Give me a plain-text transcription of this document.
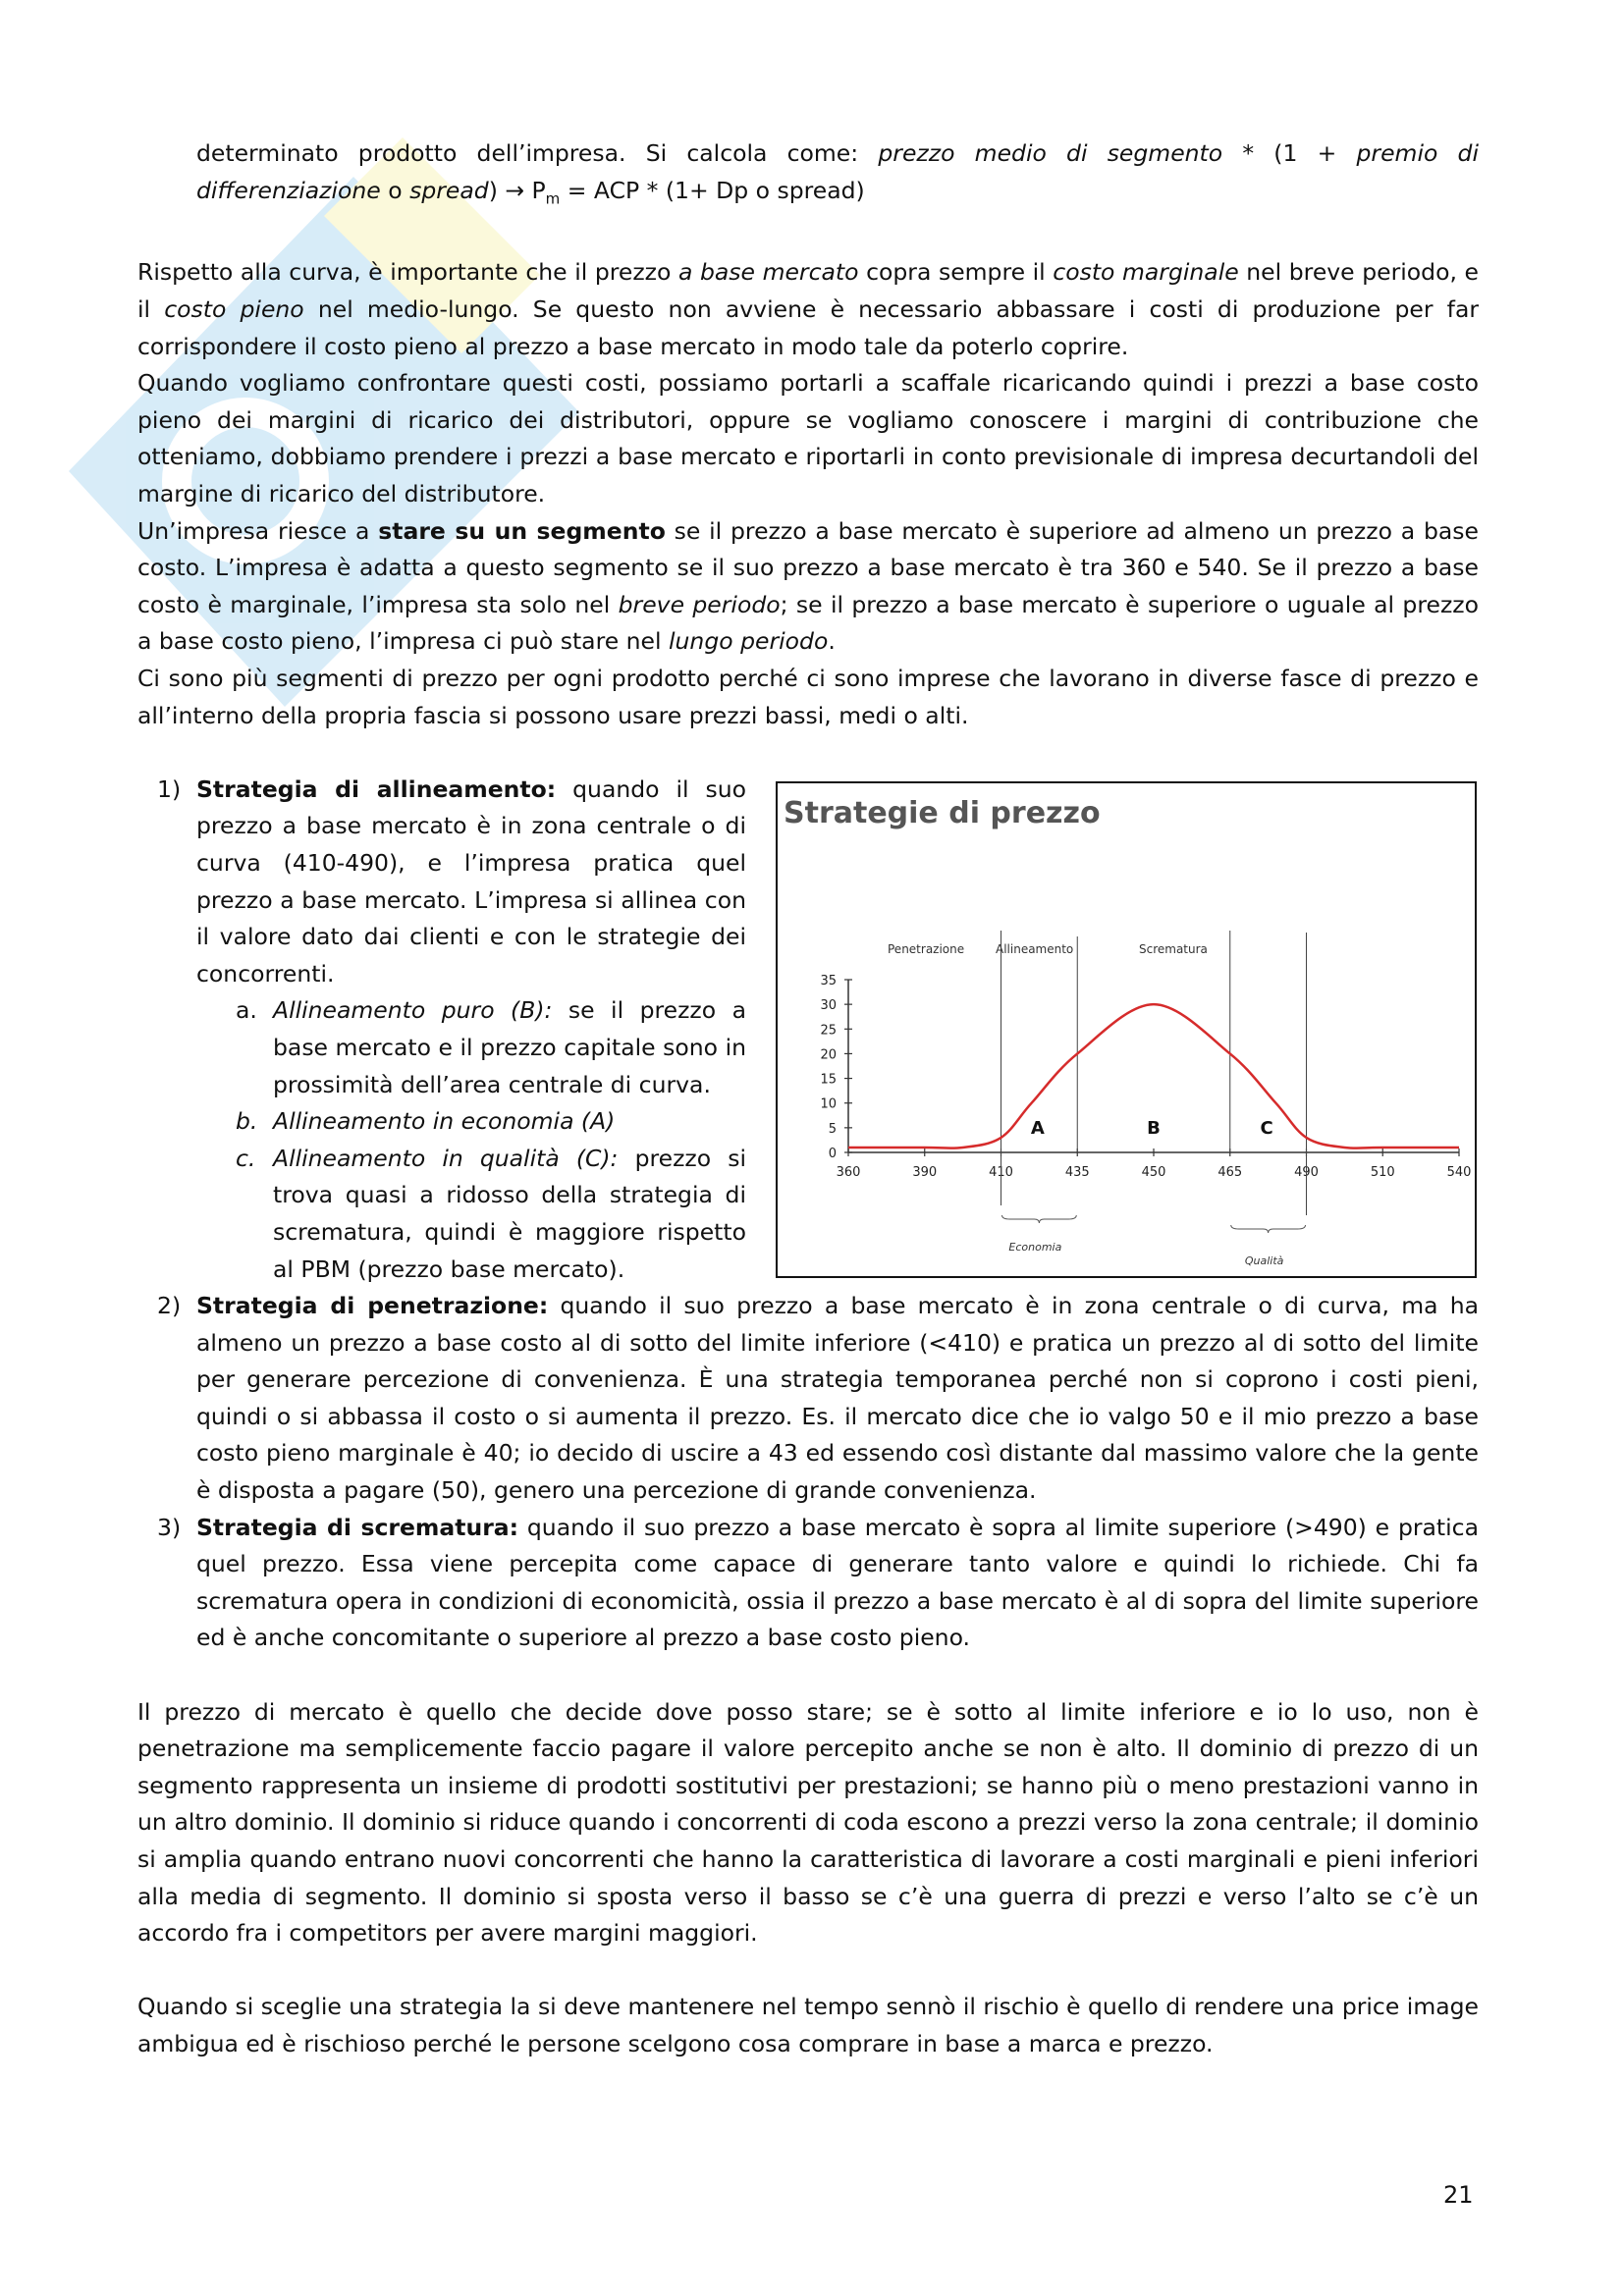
determinato prodotto dell’impresa. Si calcola come: prezzo medio di segmento * (1 + premio di differenziazione o spread) → $P_m$ = ACP * (1+ Dp o spread)

Rispetto alla curva, è importante che il prezzo a base mercato copra sempre il costo marginale nel breve periodo, e il costo pieno nel medio-lungo. Se questo non avviene è necessario abbassare i costi di produzione per far corrispondere il costo pieno al prezzo a base mercato in modo tale da poterlo coprire.

Quando vogliamo confrontare questi costi, possiamo portarli a scaffale ricaricando quindi i prezzi a base costo pieno dei margini di ricarico dei distributori, oppure se vogliamo conoscere i margini di contribuzione che otteniamo, dobbiamo prendere i prezzi a base mercato e riportarli in conto previsionale di impresa decurtandoli del margine di ricarico del distributore.

Un’impresa riesce a stare su un segmento se il prezzo a base mercato è superiore ad almeno un prezzo a base costo. L’impresa è adatta a questo segmento se il suo prezzo a base mercato è tra 360 e 540. Se il prezzo a base costo è marginale, l’impresa sta solo nel breve periodo; se il prezzo a base mercato è superiore o uguale al prezzo a base costo pieno, l’impresa ci può stare nel lungo periodo.

Ci sono più segmenti di prezzo per ogni prodotto perché ci sono imprese che lavorano in diverse fasce di prezzo e all’interno della propria fascia si possono usare prezzi bassi, medi o alti.

1) Strategia di allineamento: quando il suo prezzo a base mercato è in zona centrale o di curva (410-490), e l’impresa pratica quel prezzo a base mercato. L’impresa si allinea con il valore dato dai clienti e con le strategie dei concorrenti.
a. Allineamento puro (B): se il prezzo a base mercato e il prezzo capitale sono in prossimità dell’area centrale di curva.
b. Allineamento in economia (A)
c. Allineamento in qualità (C): prezzo si trova quasi a ridosso della strategia di scrematura, quindi è maggiore rispetto al PBM (prezzo base mercato).
2) Strategia di penetrazione: quando il suo prezzo a base mercato è in zona centrale o di curva, ma ha almeno un prezzo a base costo al di sotto del limite inferiore (<410) e pratica un prezzo al di sotto del limite per generare percezione di convenienza. È una strategia temporanea perché non si coprono i costi pieni, quindi o si abbassa il costo o si aumenta il prezzo. Es. il mercato dice che io valgo 50 e il mio prezzo a base costo pieno marginale è 40; io decido di uscire a 43 ed essendo così distante dal massimo valore che la gente è disposta a pagare (50), genero una percezione di grande convenienza.
3) Strategia di scrematura: quando il suo prezzo a base mercato è sopra al limite superiore (>490) e pratica quel prezzo. Essa viene percepita come capace di generare tanto valore e quindi lo richiede. Chi fa scrematura opera in condizioni di economicità, ossia il prezzo a base mercato è al di sopra del limite superiore ed è anche concomitante o superiore al prezzo a base costo pieno.

Il prezzo di mercato è quello che decide dove posso stare; se è sotto al limite inferiore e io lo uso, non è penetrazione ma semplicemente faccio pagare il valore percepito anche se non è alto. Il dominio di prezzo di un segmento rappresenta un insieme di prodotti sostitutivi per prestazioni; se hanno più o meno prestazioni vanno in un altro dominio. Il dominio si riduce quando i concorrenti di coda escono a prezzi verso la zona centrale; il dominio si amplia quando entrano nuovi concorrenti che hanno la caratteristica di lavorare a costi marginali e pieni inferiori alla media di segmento. Il dominio si sposta verso il basso se c’è una guerra di prezzi e verso l’alto se c’è un accordo fra i competitors per avere margini maggiori.

Quando si sceglie una strategia la si deve mantenere nel tempo sennò il rischio è quello di rendere una price image ambigua ed è rischioso perché le persone scelgono cosa comprare in base a marca e prezzo.

Strategie di prezzo
0
5
10
15
20
25
30
35
360	390	410	435	450	465	490	510	540
Penetrazione	Allineamento	Scrematura
A	B	C
Economia
Qualità
21
